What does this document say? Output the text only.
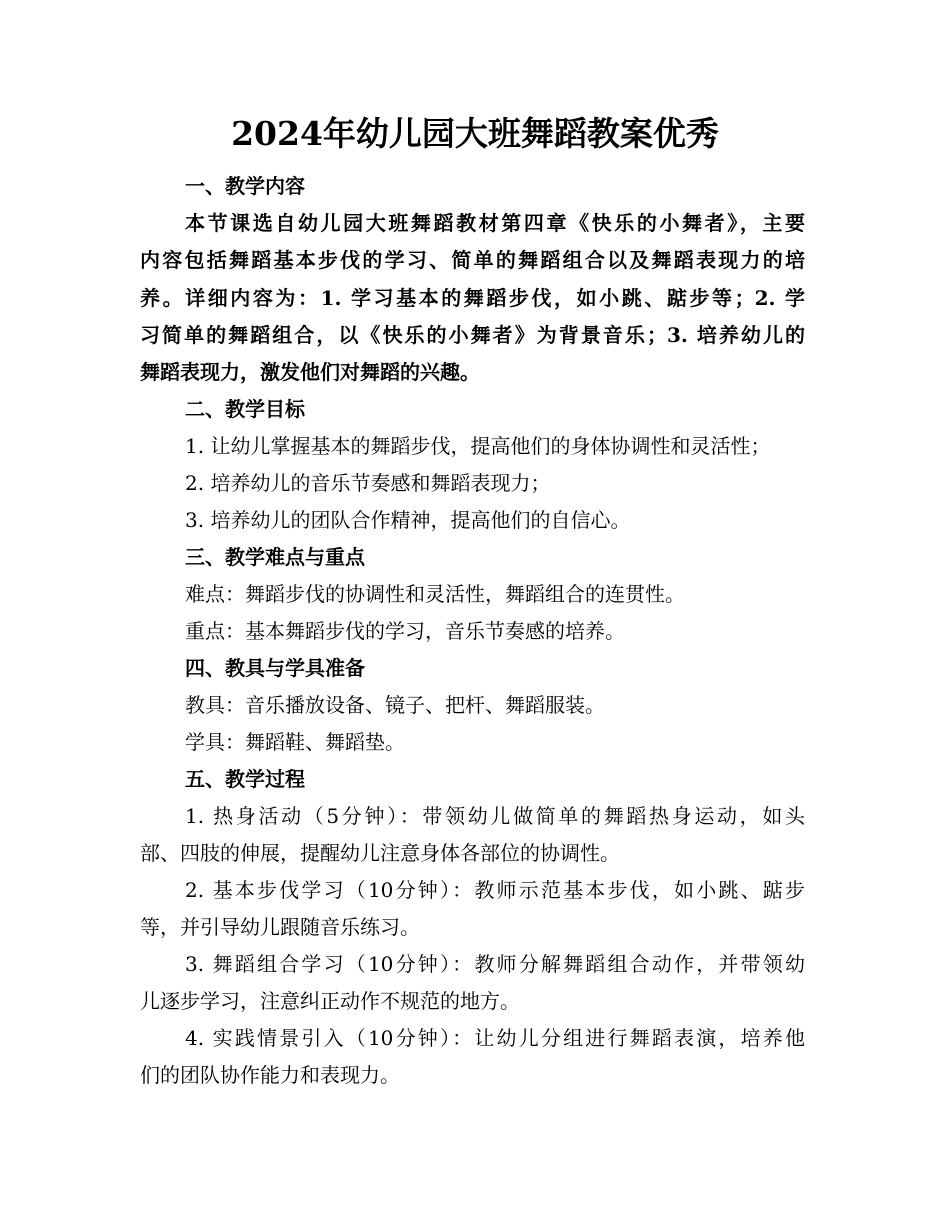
2024年幼儿园大班舞蹈教案优秀
一、教学内容
本节课选自幼儿园大班舞蹈教材第四章《快乐的小舞者》，主要
内容包括舞蹈基本步伐的学习、简单的舞蹈组合以及舞蹈表现力的培
养。详细内容为：1. 学习基本的舞蹈步伐，如小跳、踮步等；2. 学
习简单的舞蹈组合，以《快乐的小舞者》为背景音乐；3. 培养幼儿的
舞蹈表现力，激发他们对舞蹈的兴趣。
二、教学目标
1. 让幼儿掌握基本的舞蹈步伐，提高他们的身体协调性和灵活性；
2. 培养幼儿的音乐节奏感和舞蹈表现力；
3. 培养幼儿的团队合作精神，提高他们的自信心。
三、教学难点与重点
难点：舞蹈步伐的协调性和灵活性，舞蹈组合的连贯性。
重点：基本舞蹈步伐的学习，音乐节奏感的培养。
四、教具与学具准备
教具：音乐播放设备、镜子、把杆、舞蹈服装。
学具：舞蹈鞋、舞蹈垫。
五、教学过程
1. 热身活动（5分钟）：带领幼儿做简单的舞蹈热身运动，如头
部、四肢的伸展，提醒幼儿注意身体各部位的协调性。
2. 基本步伐学习（10分钟）：教师示范基本步伐，如小跳、踮步
等，并引导幼儿跟随音乐练习。
3. 舞蹈组合学习（10分钟）：教师分解舞蹈组合动作，并带领幼
儿逐步学习，注意纠正动作不规范的地方。
4. 实践情景引入（10分钟）：让幼儿分组进行舞蹈表演，培养他
们的团队协作能力和表现力。
